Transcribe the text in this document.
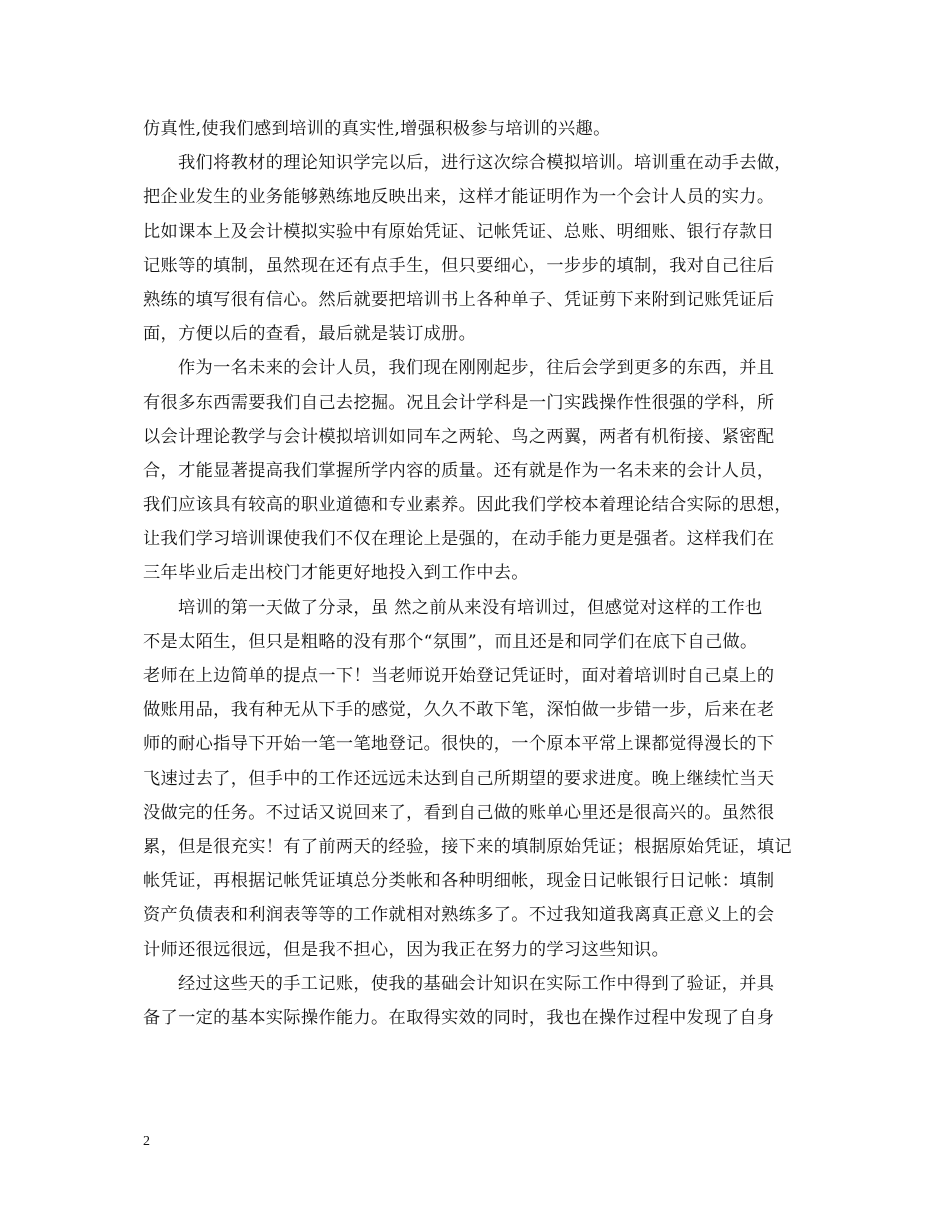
仿真性,使我们感到培训的真实性,增强积极参与培训的兴趣。
我们将教材的理论知识学完以后，进行这次综合模拟培训。培训重在动手去做，
把企业发生的业务能够熟练地反映出来，这样才能证明作为一个会计人员的实力。
比如课本上及会计模拟实验中有原始凭证、记帐凭证、总账、明细账、银行存款日
记账等的填制，虽然现在还有点手生，但只要细心，一步步的填制，我对自己往后
熟练的填写很有信心。然后就要把培训书上各种单子、凭证剪下来附到记账凭证后
面，方便以后的查看，最后就是装订成册。
作为一名未来的会计人员，我们现在刚刚起步，往后会学到更多的东西，并且
有很多东西需要我们自己去挖掘。况且会计学科是一门实践操作性很强的学科，所
以会计理论教学与会计模拟培训如同车之两轮、鸟之两翼，两者有机衔接、紧密配
合，才能显著提高我们掌握所学内容的质量。还有就是作为一名未来的会计人员，
我们应该具有较高的职业道德和专业素养。因此我们学校本着理论结合实际的思想，
让我们学习培训课使我们不仅在理论上是强的，在动手能力更是强者。这样我们在
三年毕业后走出校门才能更好地投入到工作中去。
培训的第一天做了分录，虽 然之前从来没有培训过，但感觉对这样的工作也
不是太陌生，但只是粗略的没有那个“氛围”，而且还是和同学们在底下自己做。
老师在上边简单的提点一下！当老师说开始登记凭证时，面对着培训时自己桌上的
做账用品，我有种无从下手的感觉，久久不敢下笔，深怕做一步错一步，后来在老
师的耐心指导下开始一笔一笔地登记。很快的，一个原本平常上课都觉得漫长的下
飞速过去了，但手中的工作还远远未达到自己所期望的要求进度。晚上继续忙当天
没做完的任务。不过话又说回来了，看到自己做的账单心里还是很高兴的。虽然很
累，但是很充实！有了前两天的经验，接下来的填制原始凭证；根据原始凭证，填记
帐凭证，再根据记帐凭证填总分类帐和各种明细帐，现金日记帐银行日记帐：填制
资产负债表和利润表等等的工作就相对熟练多了。不过我知道我离真正意义上的会
计师还很远很远，但是我不担心，因为我正在努力的学习这些知识。
经过这些天的手工记账，使我的基础会计知识在实际工作中得到了验证，并具
备了一定的基本实际操作能力。在取得实效的同时，我也在操作过程中发现了自身
2
